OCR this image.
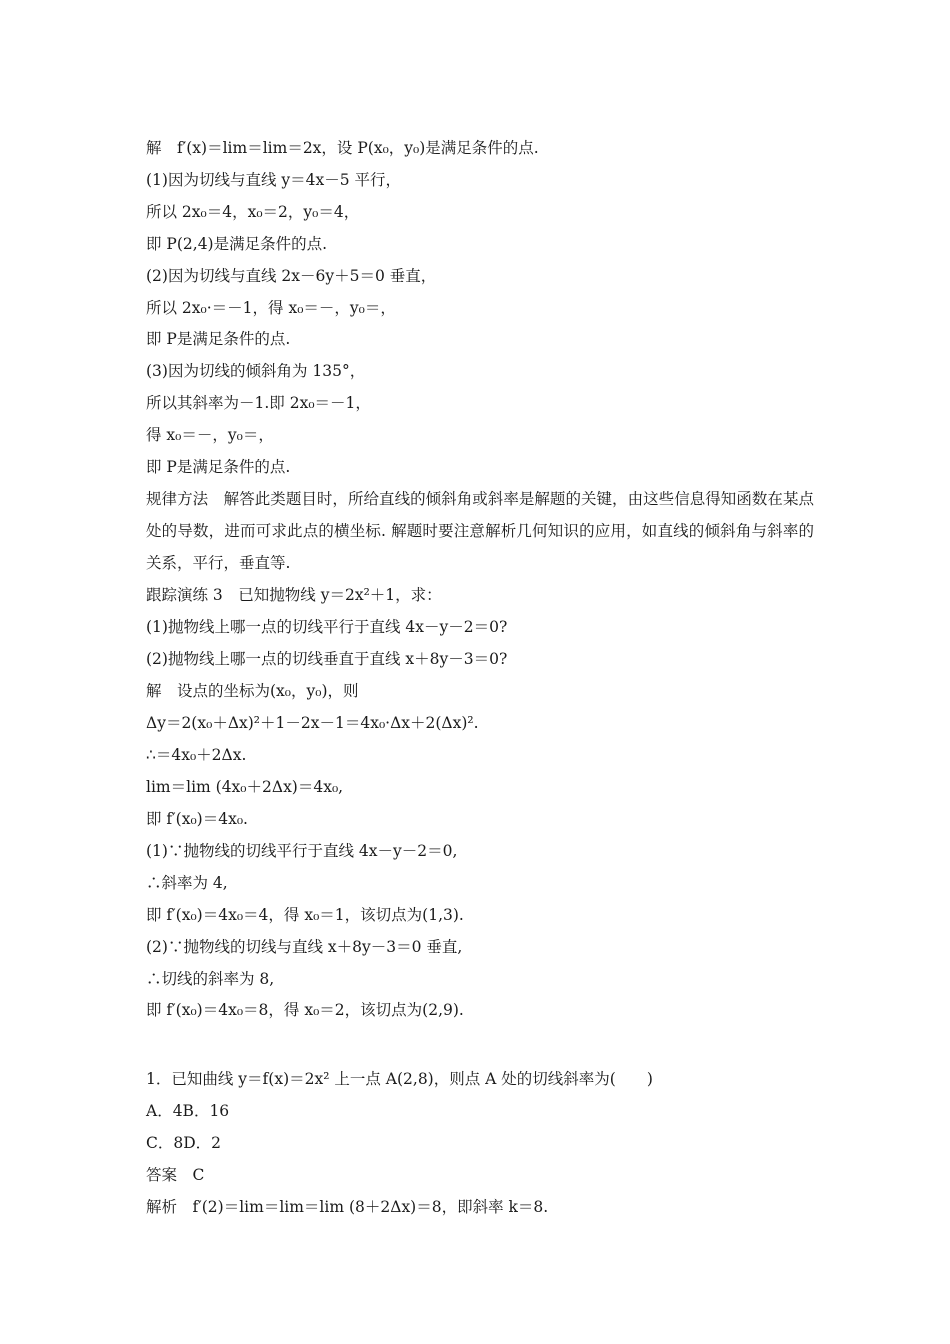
解　f′(x)＝lim＝lim＝2x，设 P(x₀，y₀)是满足条件的点.
(1)因为切线与直线 y＝4x－5 平行，
所以 2x₀＝4，x₀＝2，y₀＝4，
即 P(2,4)是满足条件的点.
(2)因为切线与直线 2x－6y＋5＝0 垂直，
所以 2x₀·＝－1，得 x₀＝－，y₀＝，
即 P是满足条件的点.
(3)因为切线的倾斜角为 135°，
所以其斜率为－1.即 2x₀＝－1，
得 x₀＝－，y₀＝，
即 P是满足条件的点.
规律方法　解答此类题目时，所给直线的倾斜角或斜率是解题的关键，由这些信息得知函数在某点处的导数，进而可求此点的横坐标. 解题时要注意解析几何知识的应用，如直线的倾斜角与斜率的关系，平行，垂直等.
跟踪演练 3　已知抛物线 y＝2x²＋1，求：
(1)抛物线上哪一点的切线平行于直线 4x－y－2＝0?
(2)抛物线上哪一点的切线垂直于直线 x＋8y－3＝0?
解　设点的坐标为(x₀，y₀)，则
Δy＝2(x₀＋Δx)²＋1－2x－1＝4x₀·Δx＋2(Δx)².
∴＝4x₀＋2Δx.
lim＝lim (4x₀＋2Δx)＝4x₀,
即 f′(x₀)＝4x₀.
(1)∵抛物线的切线平行于直线 4x－y－2＝0,
∴斜率为 4,
即 f′(x₀)＝4x₀＝4，得 x₀＝1，该切点为(1,3).
(2)∵抛物线的切线与直线 x＋8y－3＝0 垂直,
∴切线的斜率为 8,
即 f′(x₀)＝4x₀＝8，得 x₀＝2，该切点为(2,9).
1．已知曲线 y＝f(x)＝2x² 上一点 A(2,8)，则点 A 处的切线斜率为(　　)
A．4B．16
C．8D．2
答案　C
解析　f′(2)＝lim＝lim＝lim (8＋2Δx)＝8，即斜率 k＝8.
